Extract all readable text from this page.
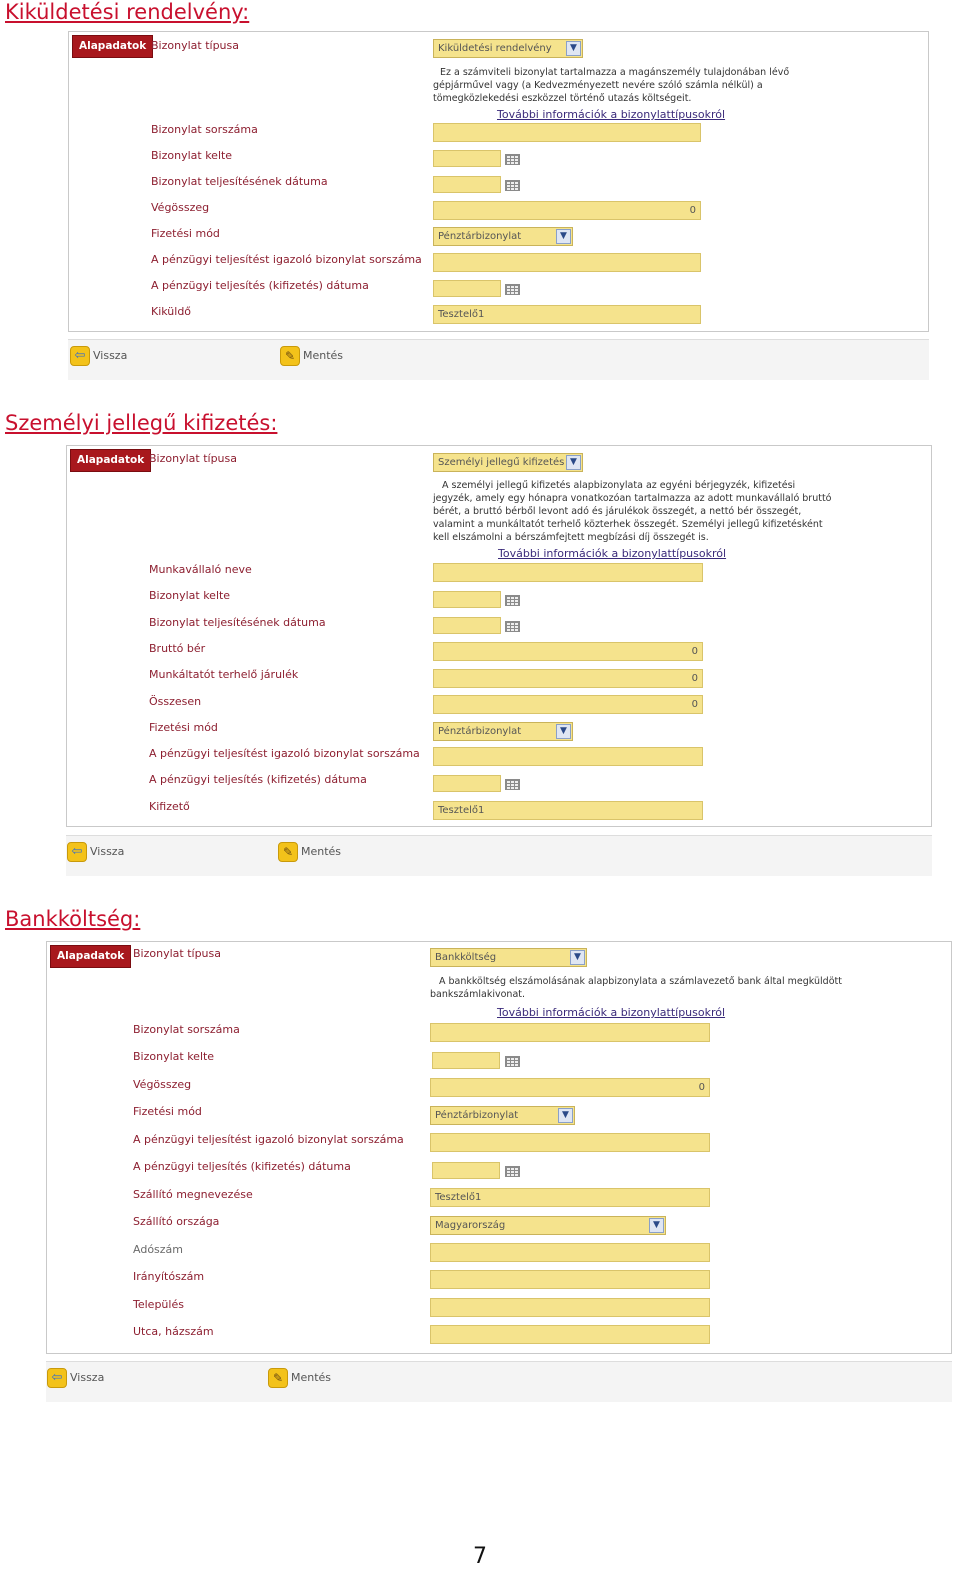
Kiküldetési rendelvény:
Alapadatok Bizonylat típusa	Kiküldetési rendelvény	▼

Ez a számviteli bizonylat tartalmazza a magánszemély tulajdonában lévő gépjárművel vagy (a Kedvezményezett nevére szóló számla nélkül) a tömegközlekedési eszközzel történő utazás költségeit.

További információk a bizonylattípusokról
Bizonylat sorszáma
Bizonylat kelte
Bizonylat teljesítésének dátuma
Végösszeg	0
Fizetési mód	Pénztárbizonylat	▼
A pénzügyi teljesítést igazoló bizonylat sorszáma
A pénzügyi teljesítés (kifizetés) dátuma
Kiküldő	Tesztelő1
⇦ Vissza	✎ Mentés
Személyi jellegű kifizetés:
Alapadatok Bizonylat típusa	Személyi jellegű kifizetés ▼

A személyi jellegű kifizetés alapbizonylata az egyéni bérjegyzék, kifizetési jegyzék, amely egy hónapra vonatkozóan tartalmazza az adott munkavállaló bruttó bérét, a bruttó bérből levont adó és járulékok összegét, a nettó bér összegét, valamint a munkáltatót terhelő közterhek összegét. Személyi jellegű kifizetésként kell elszámolni a bérszámfejtett megbízási díj összegét is.

További információk a bizonylattípusokról
Munkavállaló neve
Bizonylat kelte
Bizonylat teljesítésének dátuma
Bruttó bér	0
Munkáltatót terhelő járulék	0
Összesen	0
Fizetési mód	Pénztárbizonylat	▼
A pénzügyi teljesítést igazoló bizonylat sorszáma
A pénzügyi teljesítés (kifizetés) dátuma
Kifizető	Tesztelő1
⇦ Vissza	✎ Mentés
Bankköltség:
Alapadatok Bizonylat típusa	Bankköltség	▼

A bankköltség elszámolásának alapbizonylata a számlavezető bank által megküldött bankszámlakivonat.

További információk a bizonylattípusokról
Bizonylat sorszáma
Bizonylat kelte
Végösszeg	0
Fizetési mód	Pénztárbizonylat	▼
A pénzügyi teljesítést igazoló bizonylat sorszáma
A pénzügyi teljesítés (kifizetés) dátuma
Szállító megnevezése	Tesztelő1
Szállító országa	Magyarország	▼
Adószám
Irányítószám
Település
Utca, házszám
⇦ Vissza	✎ Mentés
7
